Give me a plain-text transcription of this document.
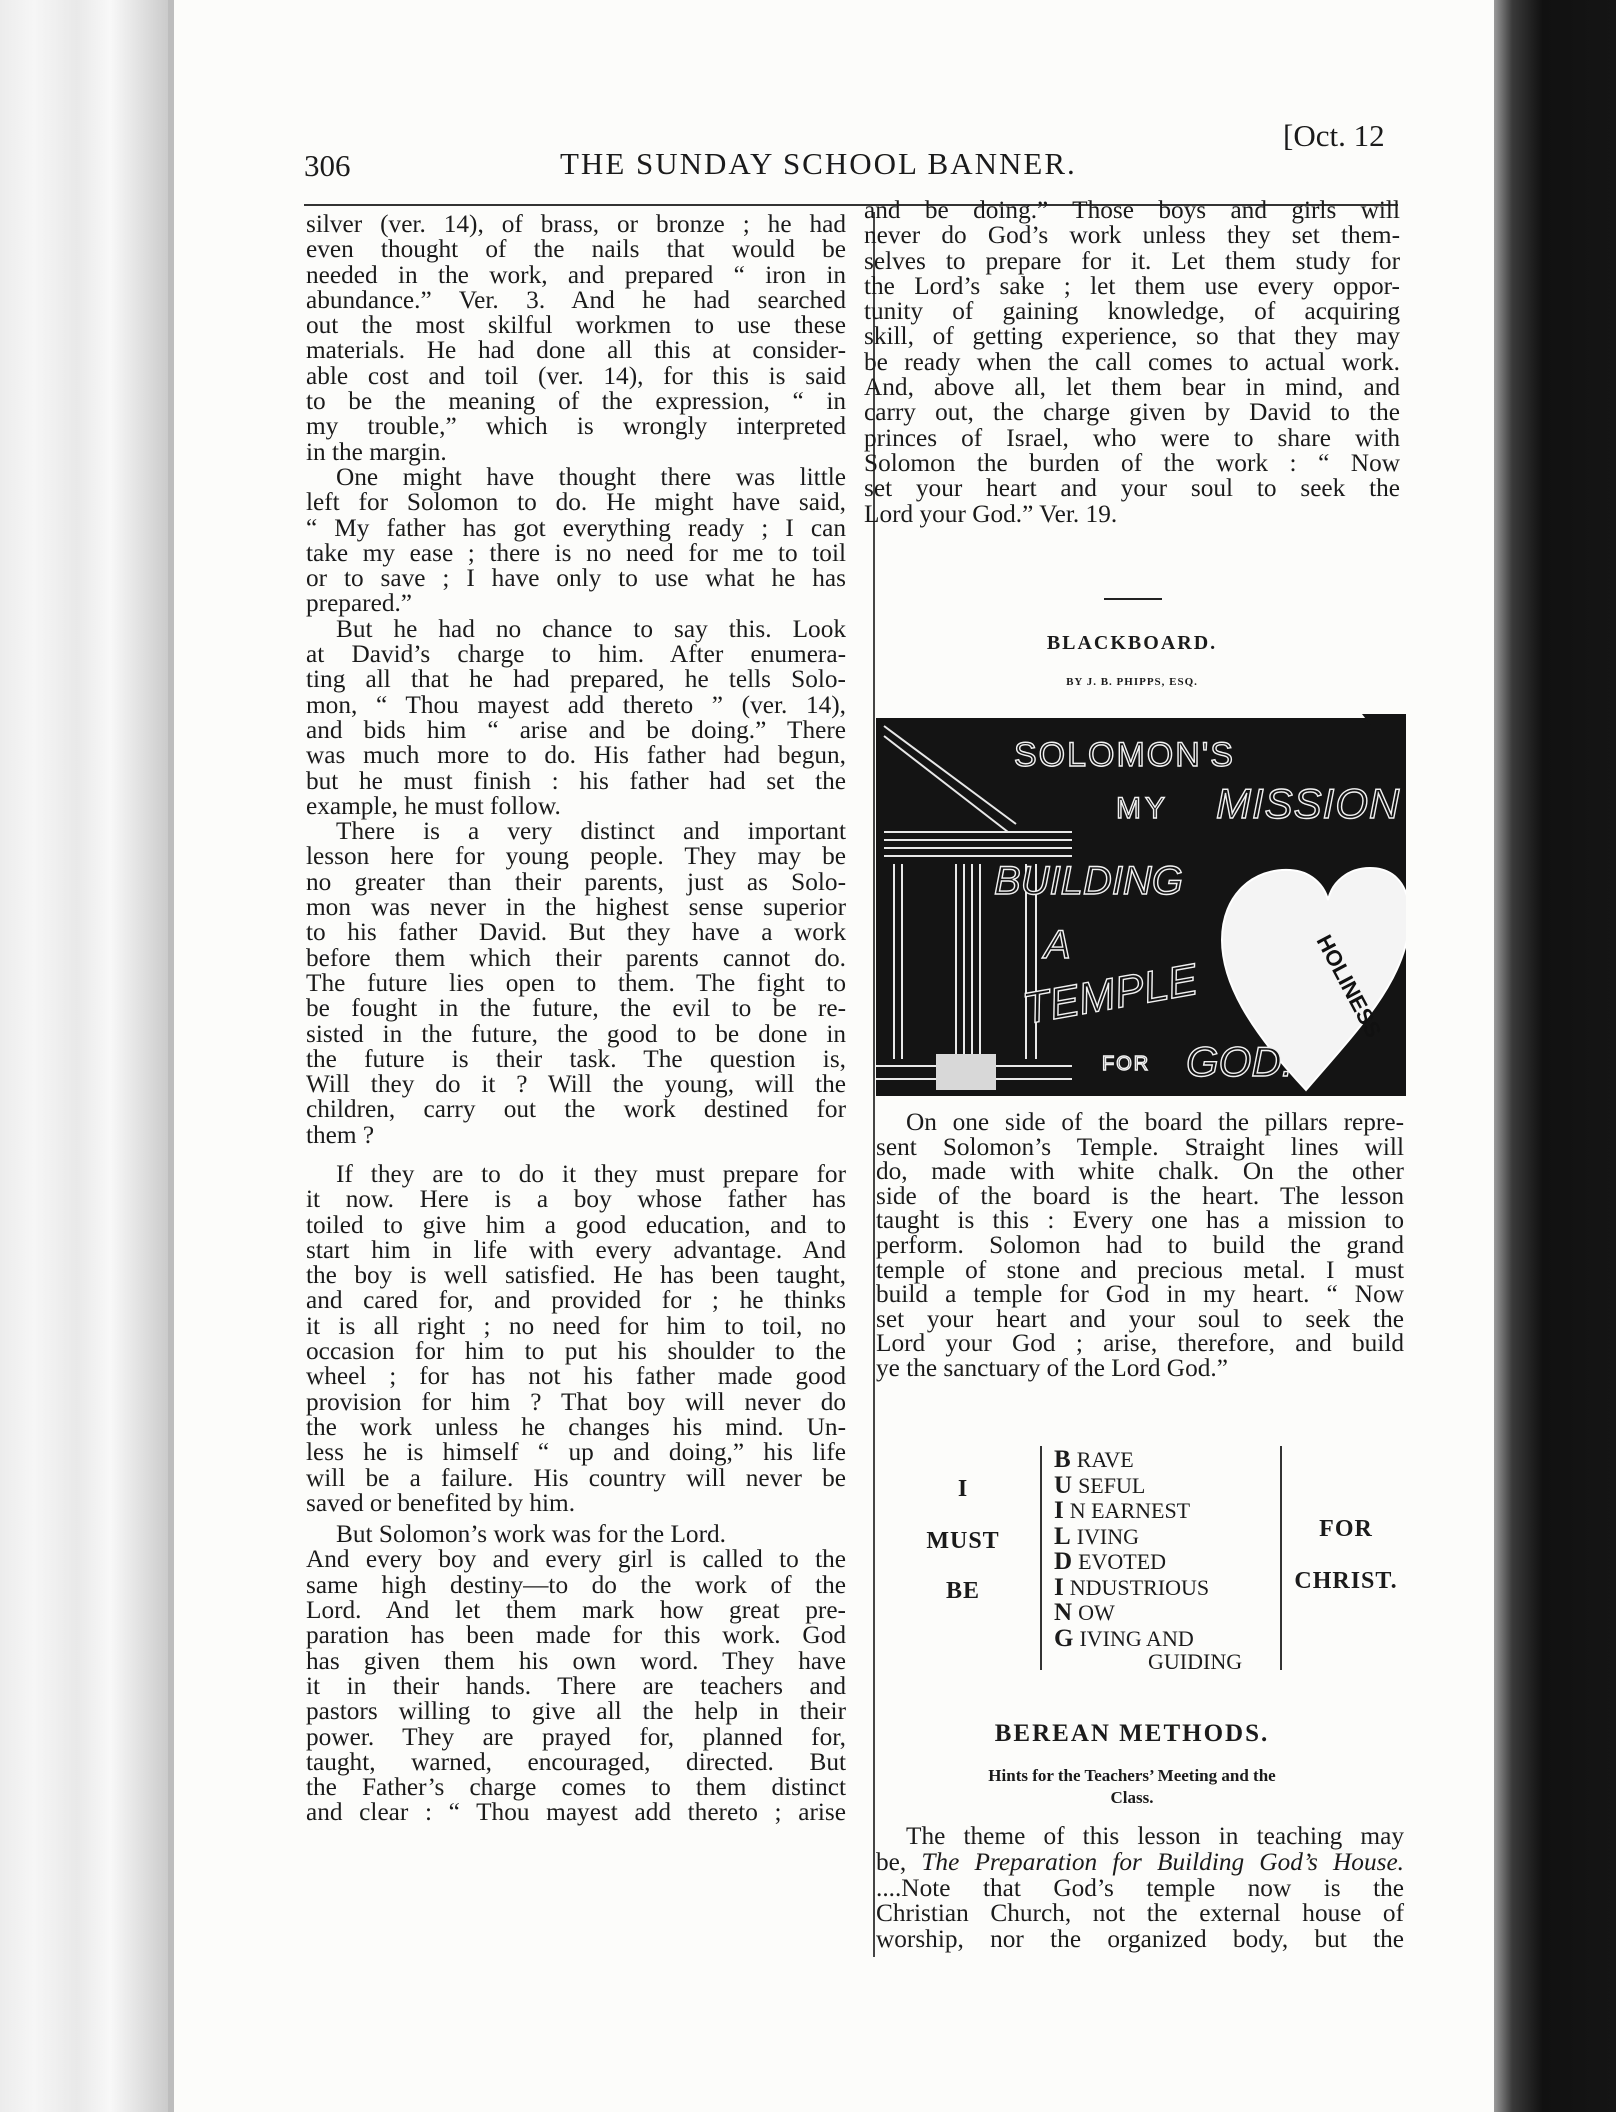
306	THE SUNDAY SCHOOL BANNER.
[Oct. 12
silver (ver. 14), of brass, or bronze ; he had
even thought of the nails that would be
needed in the work, and prepared “ iron in
abundance.” Ver. 3. And he had searched
out the most skilful workmen to use these
materials. He had done all this at consider-
able cost and toil (ver. 14), for this is said
to be the meaning of the expression, “ in
my trouble,” which is wrongly interpreted
in the margin.
One might have thought there was little
left for Solomon to do. He might have said,
“ My father has got everything ready ; I can
take my ease ; there is no need for me to toil
or to save ; I have only to use what he has
prepared.”
But he had no chance to say this. Look
at David’s charge to him. After enumera-
ting all that he had prepared, he tells Solo-
mon, “ Thou mayest add thereto ” (ver. 14),
and bids him “ arise and be doing.” There
was much more to do. His father had begun,
but he must finish : his father had set the
example, he must follow.
There is a very distinct and important
lesson here for young people. They may be
no greater than their parents, just as Solo-
mon was never in the highest sense superior
to his father David. But they have a work
before them which their parents cannot do.
The future lies open to them. The fight to
be fought in the future, the evil to be re-
sisted in the future, the good to be done in
the future is their task. The question is,
Will they do it ? Will the young, will the
children, carry out the work destined for
them ?
If they are to do it they must prepare for
it now. Here is a boy whose father has
toiled to give him a good education, and to
start him in life with every advantage. And
the boy is well satisfied. He has been taught,
and cared for, and provided for ; he thinks
it is all right ; no need for him to toil, no
occasion for him to put his shoulder to the
wheel ; for has not his father made good
provision for him ? That boy will never do
the work unless he changes his mind. Un-
less he is himself “ up and doing,” his life
will be a failure. His country will never be
saved or benefited by him.
But Solomon’s work was for the Lord.
And every boy and every girl is called to the
same high destiny—to do the work of the
Lord. And let them mark how great pre-
paration has been made for this work. God
has given them his own word. They have
it in their hands. There are teachers and
pastors willing to give all the help in their
power. They are prayed for, planned for,
taught, warned, encouraged, directed. But
the Father’s charge comes to them distinct
and clear : “ Thou mayest add thereto ; arise
and be doing.” Those boys and girls will
never do God’s work unless they set them-
selves to prepare for it. Let them study for
the Lord’s sake ; let them use every oppor-
tunity of gaining knowledge, of acquiring
skill, of getting experience, so that they may
be ready when the call comes to actual work.
And, above all, let them bear in mind, and
carry out, the charge given by David to the
princes of Israel, who were to share with
Solomon the burden of the work : “ Now
set your heart and your soul to seek the
Lord your God.” Ver. 19.
BLACKBOARD.
BY J. B. PHIPPS, ESQ.
HOLINESS
SOLOMON'S
MY MISSION
BUILDING
A
TEMPLE
FOR GOD.
On one side of the board the pillars repre-
sent Solomon’s Temple. Straight lines will
do, made with white chalk. On the other
side of the board is the heart. The lesson
taught is this : Every one has a mission to
perform. Solomon had to build the grand
temple of stone and precious metal. I must
build a temple for God in my heart. “ Now
set your heart and your soul to seek the
Lord your God ; arise, therefore, and build
ye the sanctuary of the Lord God.”
I
MUST
BE
FOR
CHRIST.
B RAVE
U SEFUL
I N EARNEST
L IVING
D EVOTED
I NDUSTRIOUS
N OW
G IVING AND
GUIDING
BEREAN METHODS.
Hints for the Teachers’ Meeting and the
Class.
The theme of this lesson in teaching may
be, The Preparation for Building God’s House.
....Note that God’s temple now is the
Christian Church, not the external house of
worship, nor the organized body, but the
